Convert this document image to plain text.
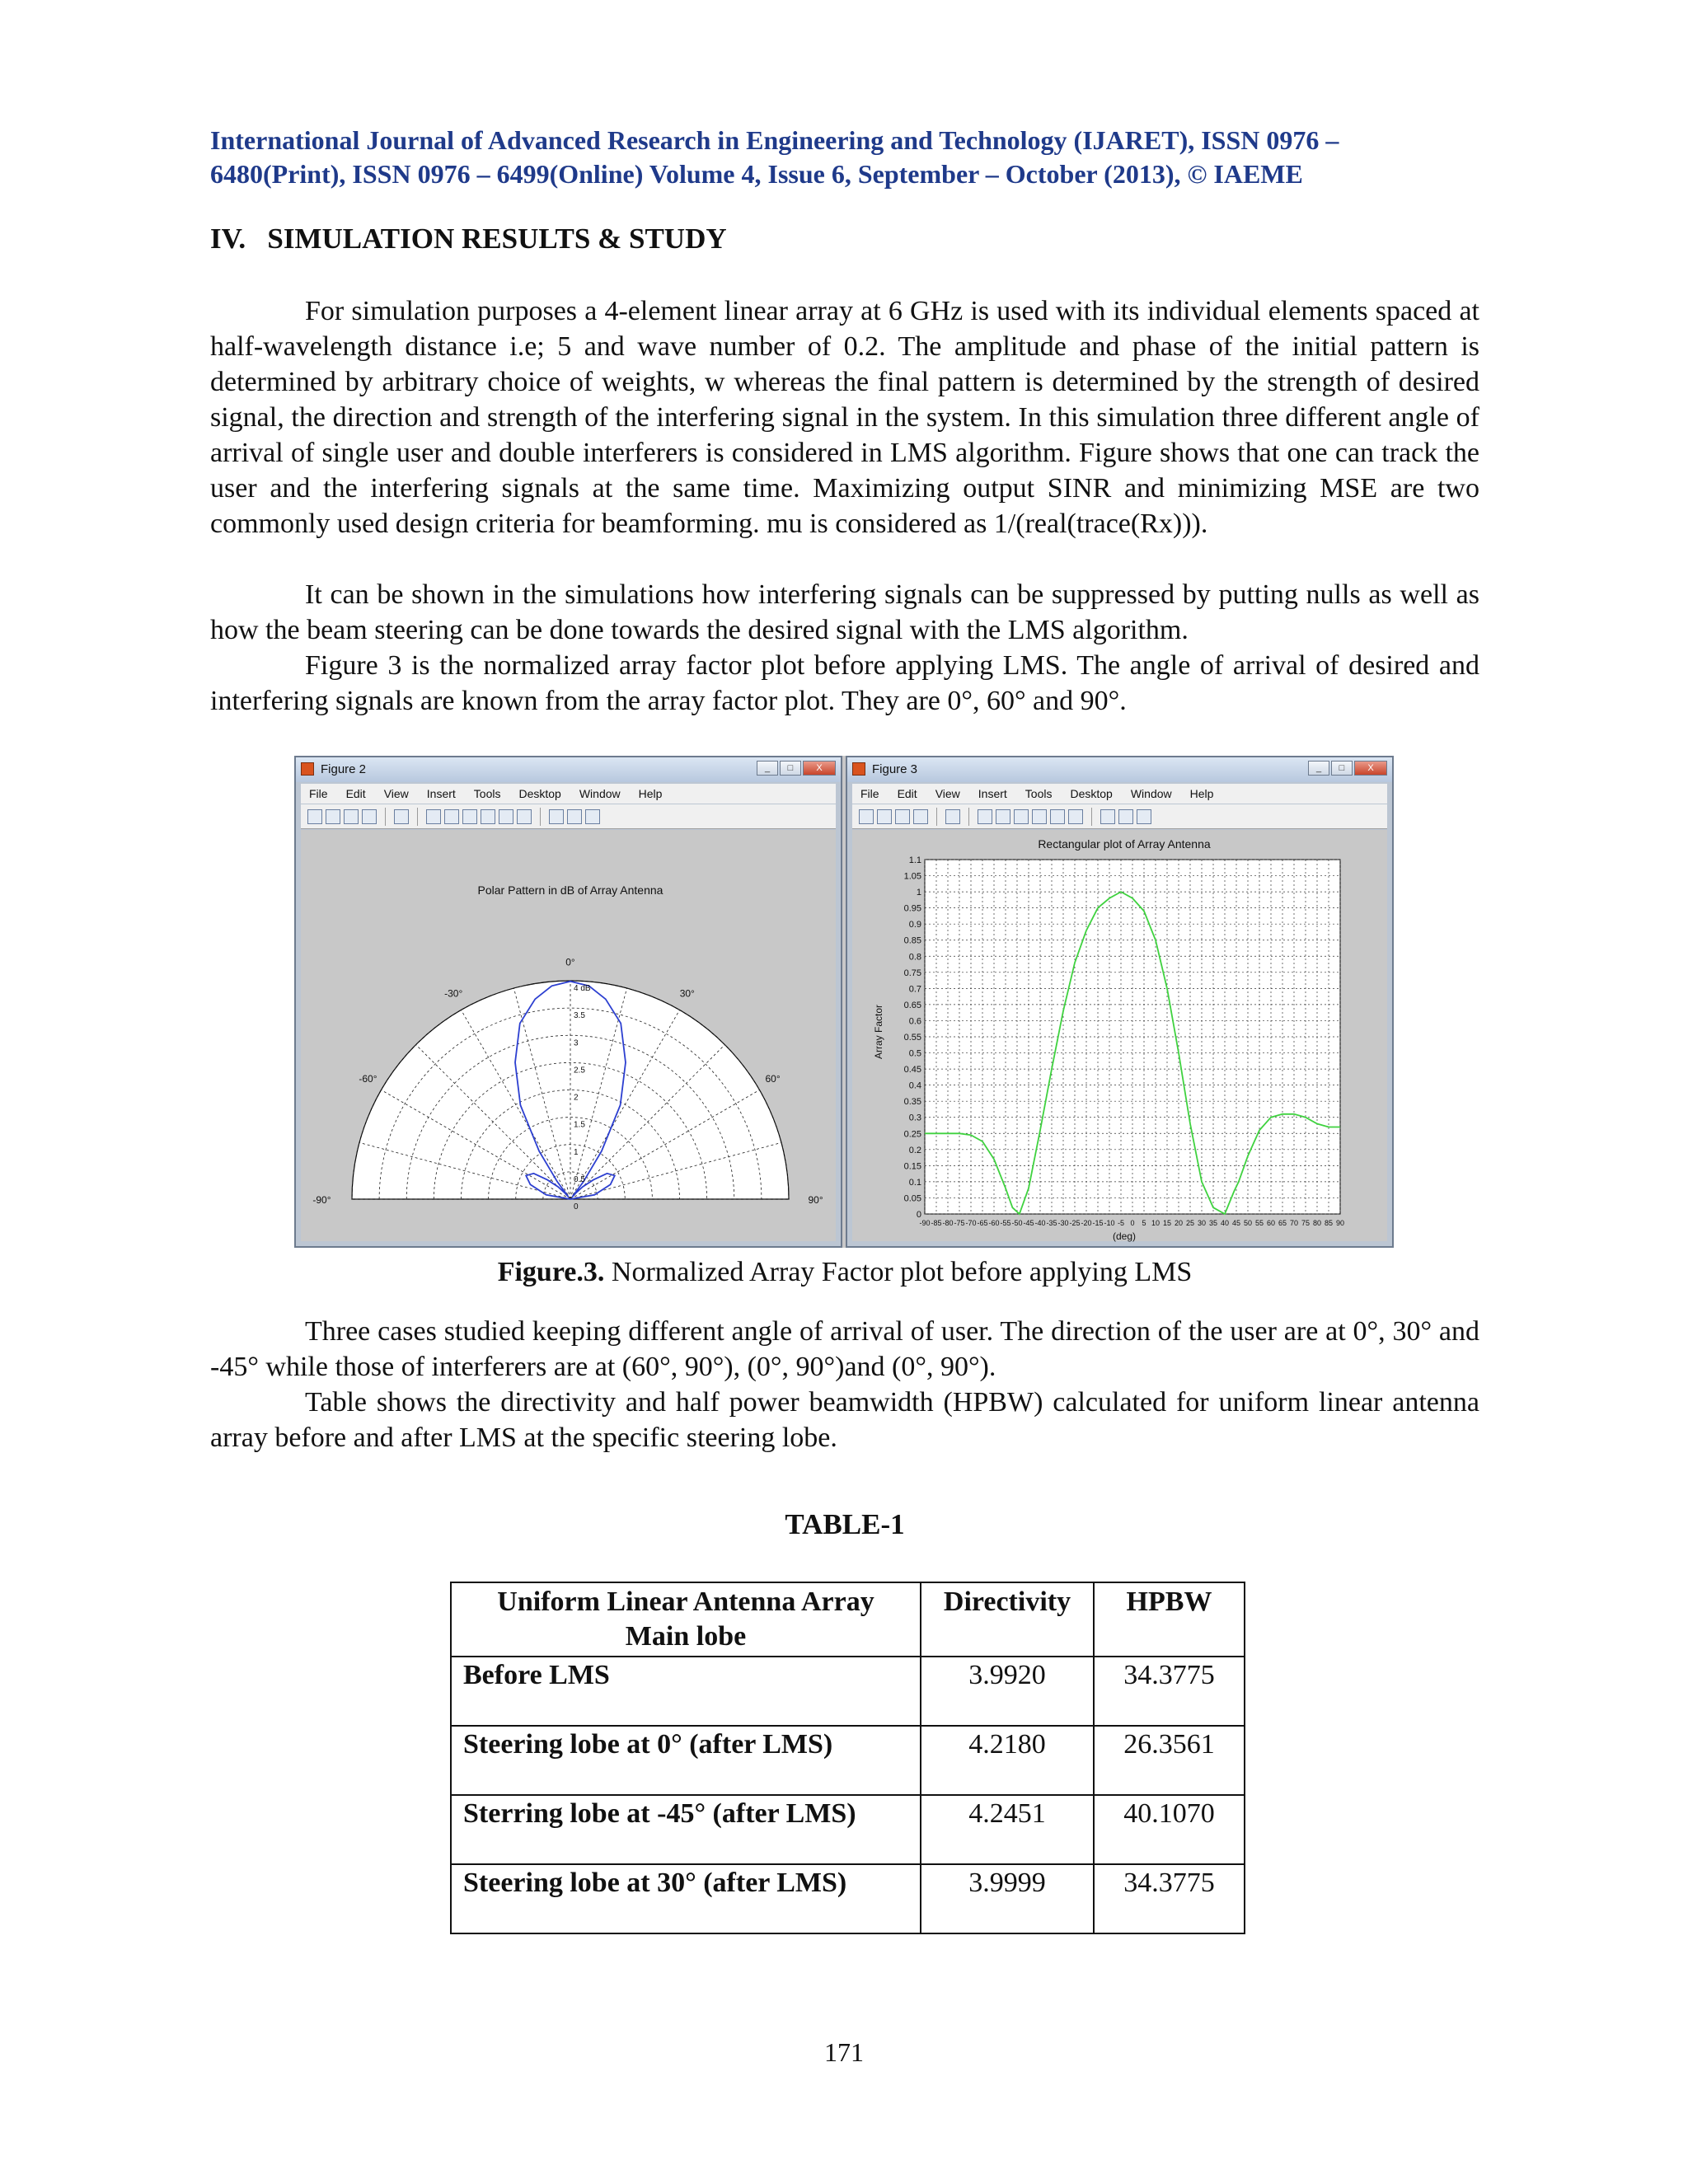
International Journal of Advanced Research in Engineering and Technology (IJARET), ISSN 0976 –
6480(Print), ISSN 0976 – 6499(Online) Volume 4, Issue 6, September – October (2013), © IAEME
IV.   SIMULATION RESULTS & STUDY

For simulation purposes a 4-element linear array at 6 GHz is used with its individual elements spaced at half-wavelength distance i.e; 5 and wave number of 0.2. The amplitude and phase of the initial pattern is determined by arbitrary choice of weights, w whereas the final pattern is determined by the strength of desired signal, the direction and strength of the interfering signal in the system. In this simulation three different angle of arrival of single user and double interferers is considered in LMS algorithm. Figure shows that one can track the user and the interfering signals at the same time. Maximizing output SINR and minimizing MSE are two commonly used design criteria for beamforming. mu is considered as 1/(real(trace(Rx))).

It can be shown in the simulations how interfering signals can be suppressed by putting nulls as well as how the beam steering can be done towards the desired signal with the LMS algorithm.

Figure 3 is the normalized array factor plot before applying LMS. The angle of arrival of desired and interfering signals are known from the array factor plot. They are 0°, 60° and 90°.

Figure 2	_	□	X
File Edit View Insert Tools Desktop Window Help
Polar Pattern in dB of Array Antenna
4 dB
3.5
3
2.5
2
1.5
1
0.5
0
0°
-30°	30°
-60°	60°
-90°	90°
Figure 3	_	□	X
File Edit View Insert Tools Desktop Window Help
Rectangular plot of Array Antenna
(deg)
Array Factor
-90 -85 -80 -75 -70 -65 -60 -55 -50 -45 -40 -35 -30 -25 -20 -15 -10 -5 0 5 10 15 20 25 30 35 40 45 50 55 60 65 70 75 80 85 90
0
0.05
0.1
0.15
0.2
0.25
0.3
0.35
0.4
0.45
0.5
0.55
0.6
0.65
0.7
0.75
0.8
0.85
0.9
0.95
1
1.05
1.1
Figure.3. Normalized Array Factor plot before applying LMS

Three cases studied keeping different angle of arrival of user. The direction of the user are at 0°, 30° and -45° while those of interferers are at (60°, 90°), (0°, 90°)and (0°, 90°).

Table shows the directivity and half power beamwidth (HPBW) calculated for uniform linear antenna array before and after LMS at the specific steering lobe.

TABLE-1
Uniform Linear Antenna Array Main lobe	Directivity	HPBW
Before LMS	3.9920	34.3775
Steering lobe at 0° (after LMS)	4.2180	26.3561
Sterring lobe at -45° (after LMS)	4.2451	40.1070
Steering lobe at 30° (after LMS)	3.9999	34.3775
171
